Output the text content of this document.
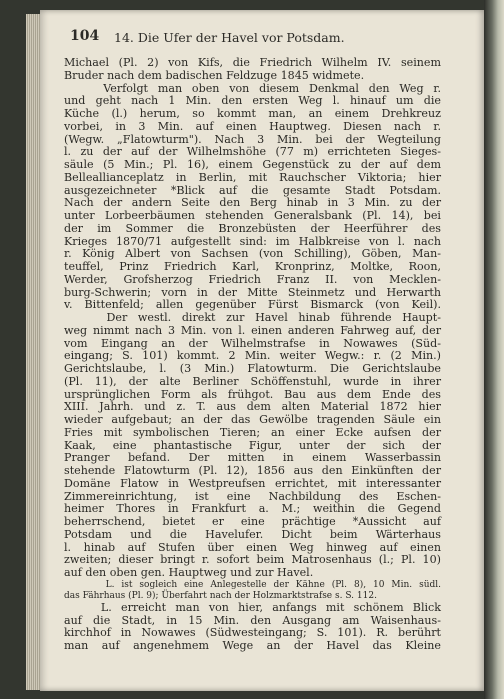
104 14. Die Ufer der Havel vor Potsdam.
Michael (Pl. 2) von Kifs, die Friedrich Wilhelm IV. seinem
Bruder nach dem badischen Feldzuge 1845 widmete.
Verfolgt man oben von diesem Denkmal den Weg r.
und geht nach 1 Min. den ersten Weg l. hinauf um die
Küche (l.) herum, so kommt man, an einem Drehkreuz
vorbei, in 3 Min. auf einen Hauptweg. Diesen nach r.
(Wegw. „Flatowturm"). Nach 3 Min. bei der Wegteilung
l. zu der auf der Wilhelmshöhe (77 m) errichteten Sieges-
säule (5 Min.; Pl. 16), einem Gegenstück zu der auf dem
Belleallianceplatz in Berlin, mit Rauchscher Viktoria; hier
ausgezeichneter *Blick auf die gesamte Stadt Potsdam.
Nach der andern Seite den Berg hinab in 3 Min. zu der
unter Lorbeerbäumen stehenden Generalsbank (Pl. 14), bei
der im Sommer die Bronzebüsten der Heerführer des
Krieges 1870/71 aufgestellt sind: im Halbkreise von l. nach
r. König Albert von Sachsen (von Schilling), Göben, Man-
teuffel, Prinz Friedrich Karl, Kronprinz, Moltke, Roon,
Werder, Grofsherzog Friedrich Franz II. von Mecklen-
burg-Schwerin; vorn in der Mitte Steinmetz und Herwarth
v. Bittenfeld; allen gegenüber Fürst Bismarck (von Keil).
Der westl. direkt zur Havel hinab führende Haupt-
weg nimmt nach 3 Min. von l. einen anderen Fahrweg auf, der
vom Eingang an der Wilhelmstrafse in Nowawes (Süd-
eingang; S. 101) kommt. 2 Min. weiter Wegw.: r. (2 Min.)
Gerichtslaube, l. (3 Min.) Flatowturm. Die Gerichtslaube
(Pl. 11), der alte Berliner Schöffenstuhl, wurde in ihrer
ursprünglichen Form als frühgot. Bau aus dem Ende des
XIII. Jahrh. und z. T. aus dem alten Material 1872 hier
wieder aufgebaut; an der das Gewölbe tragenden Säule ein
Fries mit symbolischen Tieren; an einer Ecke aufsen der
Kaak, eine phantastische Figur, unter der sich der
Pranger befand. Der mitten in einem Wasserbassin
stehende Flatowturm (Pl. 12), 1856 aus den Einkünften der
Domäne Flatow in Westpreufsen errichtet, mit interessanter
Zimmereinrichtung, ist eine Nachbildung des Eschen-
heimer Thores in Frankfurt a. M.; weithin die Gegend
beherrschend, bietet er eine prächtige *Aussicht auf
Potsdam und die Havelufer. Dicht beim Wärterhaus
l. hinab auf Stufen über einen Weg hinweg auf einen
zweiten; dieser bringt r. sofort beim Matrosenhaus (l.; Pl. 10)
auf den oben gen. Hauptweg und zur Havel.
L. ist sogleich eine Anlegestelle der Kähne (Pl. 8), 10 Min. südl.
das Fährhaus (Pl. 9); Überfahrt nach der Holzmarktstrafse s. S. 112.
L. erreicht man von hier, anfangs mit schönem Blick
auf die Stadt, in 15 Min. den Ausgang am Waisenhaus-
kirchhof in Nowawes (Südwesteingang; S. 101). R. berührt
man auf angenehmem Wege an der Havel das Kleine
